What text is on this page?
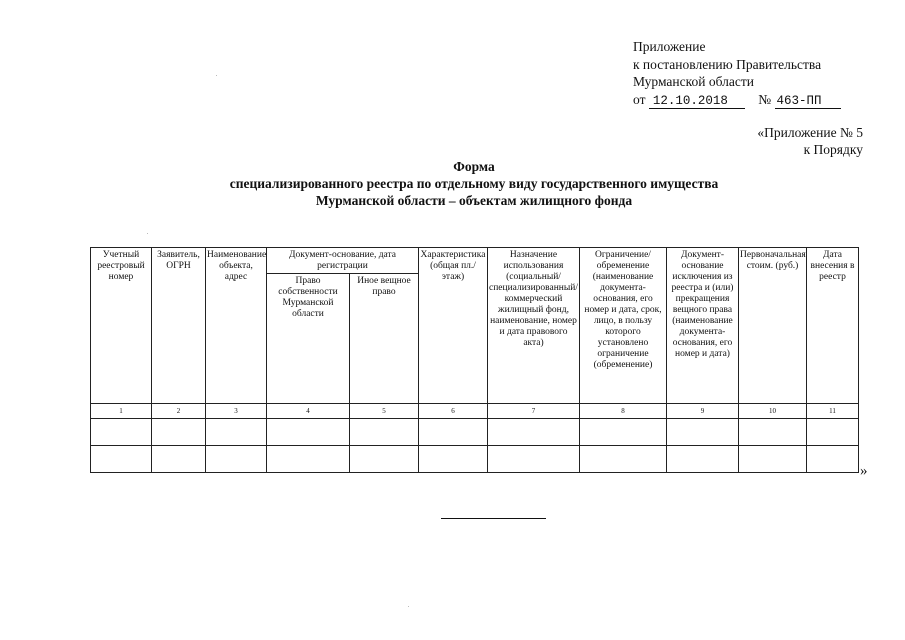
Приложение
к постановлению Правительства
Мурманской области
от 12.10.2018 № 463-ПП
«Приложение № 5
к Порядку
Форма
специализированного реестра по отдельному виду государственного имущества
Мурманской области – объектам жилищного фонда
Учетный реестровый номер	Заявитель, ОГРН	Наименование объекта, адрес	Документ-основание, дата регистрации		Характеристика (общая пл./этаж)	Назначение использования (социальный/ специализированный/ коммерческий жилищный фонд, наименование, номер и дата правового акта)	Ограничение/ обременение (наименование документа-основания, его номер и дата, срок, лицо, в пользу которого установлено ограничение (обременение)	Документ-основание исключения из реестра и (или) прекращения вещного права (наименование документа-основания, его номер и дата)	Первоначальная стоим. (руб.)	Дата внесения в реестр
			Право собственности Мурманской области	Иное вещное право						
1	2	3	4	5	6	7	8	9	10	11

»
